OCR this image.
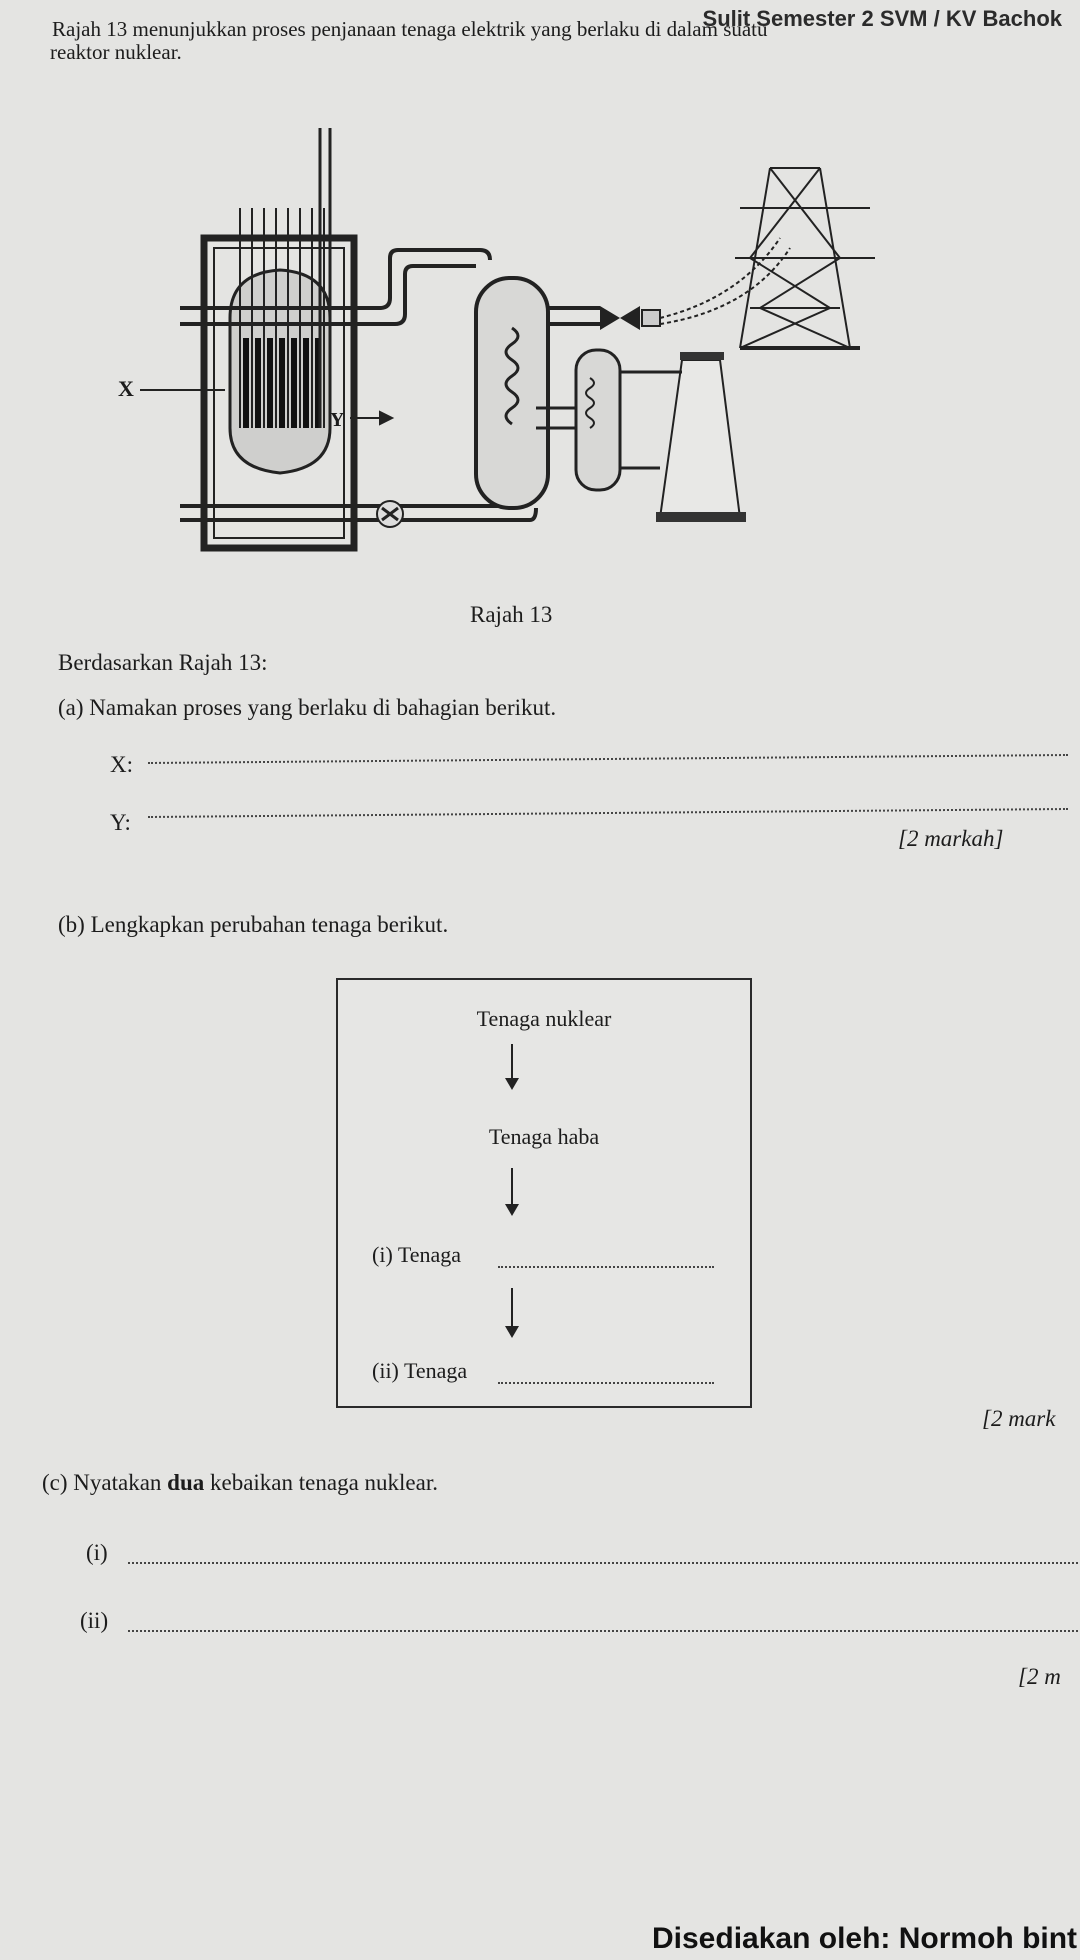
Sulit Semester 2 SVM / KV Bachok
Rajah 13 menunjukkan proses penjanaan tenaga elektrik yang berlaku di dalam suatu
reaktor nuklear.
X
Y
Rajah 13
Berdasarkan Rajah 13:
(a) Namakan proses yang berlaku di bahagian berikut.
X:
Y:
[2 markah]
(b) Lengkapkan perubahan tenaga berikut.
Tenaga nuklear
Tenaga haba
(i) Tenaga
(ii) Tenaga
[2 mark
(c) Nyatakan dua kebaikan tenaga nuklear.
(i)
(ii)
[2 m
Disediakan oleh: Normoh bint
